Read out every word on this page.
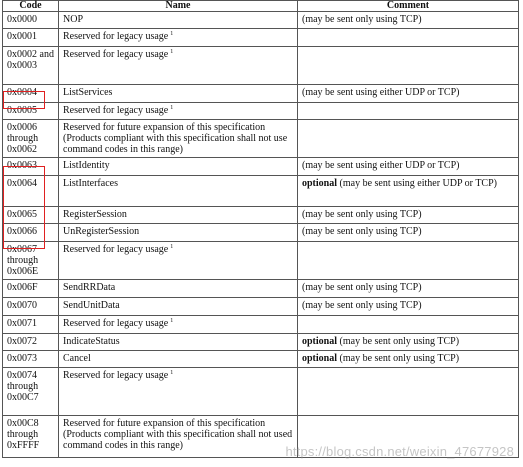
Code	Name	Comment
0x0000	NOP	(may be sent only using TCP)
0x0001	Reserved for legacy usage $^1$	
0x0002 and 0x0003	Reserved for legacy usage $^1$	
0x0004	ListServices	(may be sent using either UDP or TCP)
0x0005	Reserved for legacy usage $^1$	
0x0006 through 0x0062	Reserved for future expansion of this specification (Products compliant with this specification shall not use command codes in this range)	
0x0063	ListIdentity	(may be sent using either UDP or TCP)
0x0064	ListInterfaces	optional (may be sent using either UDP or TCP)
0x0065	RegisterSession	(may be sent only using TCP)
0x0066	UnRegisterSession	(may be sent only using TCP)
0x0067 through 0x006E	Reserved for legacy usage $^1$	
0x006F	SendRRData	(may be sent only using TCP)
0x0070	SendUnitData	(may be sent only using TCP)
0x0071	Reserved for legacy usage $^1$	
0x0072	IndicateStatus	optional (may be sent only using TCP)
0x0073	Cancel	optional (may be sent only using TCP)
0x0074 through 0x00C7	Reserved for legacy usage $^1$	
0x00C8 through 0xFFFF	Reserved for future expansion of this specification (Products compliant with this specification shall not used command codes in this range)		https://blog.csdn.net/weixin_47677928
